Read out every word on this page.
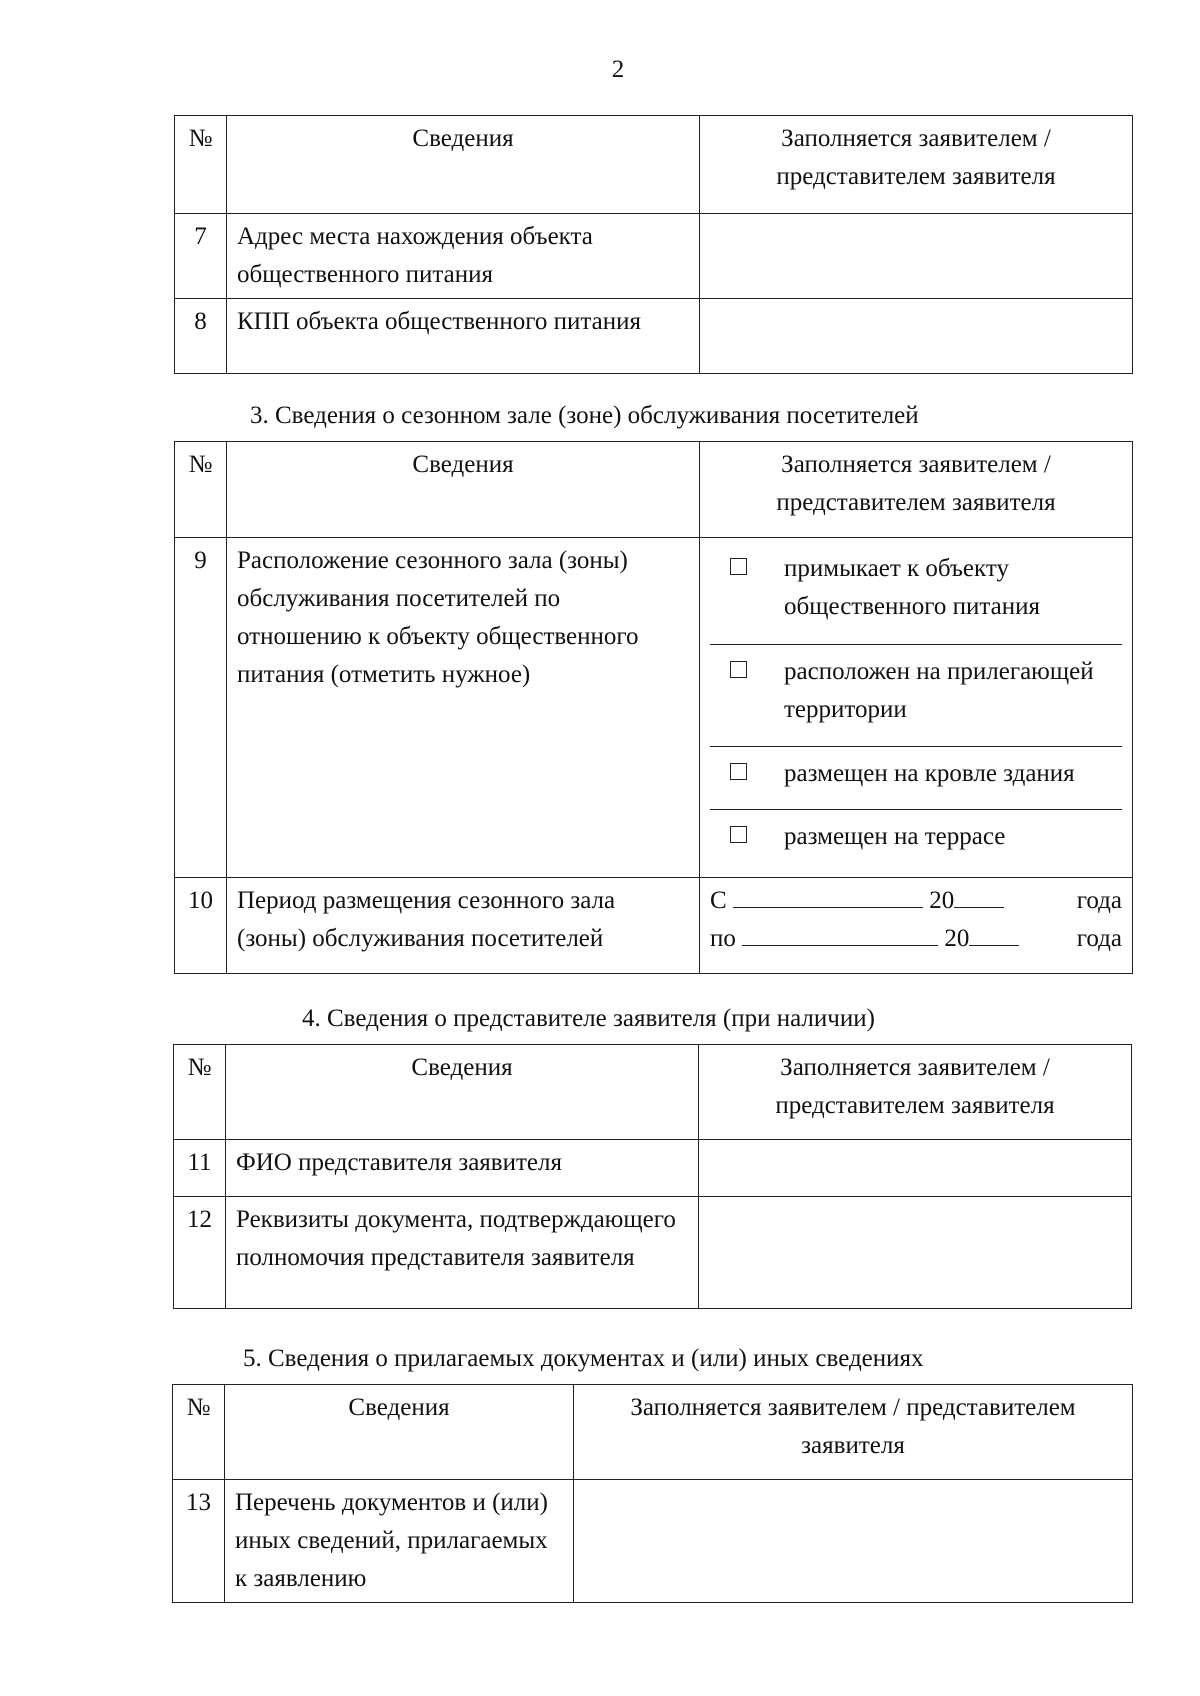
2
№	Сведения	Заполняется заявителем / представителем заявителя
7	Адрес места нахождения объекта общественного питания	
8	КПП объекта общественного питания	
3. Сведения о сезонном зале (зоне) обслуживания посетителей
№	Сведения	Заполняется заявителем / представителем заявителя
9	Расположение сезонного зала (зоны) обслуживания посетителей по отношению к объекту общественного питания (отметить нужное)	
примыкает к объекту общественного питания

расположен на прилегающей территории

размещен на кровле здания

размещен на террасе

10	Период размещения сезонного зала (зоны) обслуживания посетителей	
С	20	года
по	20	года
4. Сведения о представителе заявителя (при наличии)
№	Сведения	Заполняется заявителем / представителем заявителя
11	ФИО представителя заявителя	
12	Реквизиты документа, подтверждающего полномочия представителя заявителя	
5. Сведения о прилагаемых документах и (или) иных сведениях
№	Сведения	Заполняется заявителем / представителем заявителя
13	Перечень документов и (или) иных сведений, прилагаемых к заявлению	
